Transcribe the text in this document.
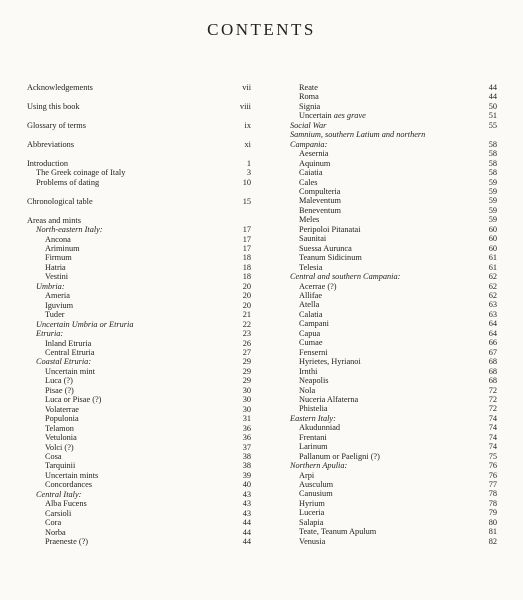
CONTENTS
Acknowledgements	vii
Using this book	viii
Glossary of terms	ix
Abbreviations	xi
Introduction	1
The Greek coinage of Italy	3
Problems of dating	10
Chronological table	15
Areas and mints
North-eastern Italy:	17
Ancona	17
Ariminum	17
Firmum	18
Hatria	18
Vestini	18
Umbria:	20
Ameria	20
Iguvium	20
Tuder	21
Uncertain Umbria or Etruria	22
Etruria:	23
Inland Etruria	26
Central Etruria	27
Coastal Etruria:	29
Uncertain mint	29
Luca (?)	29
Pisae (?)	30
Luca or Pisae (?)	30
Volaterrae	30
Populonia	31
Telamon	36
Vetulonia	36
Volci (?)	37
Cosa	38
Tarquinii	38
Uncertain mints	39
Concordances	40
Central Italy:	43
Alba Fucens	43
Carsioli	43
Cora	44
Norba	44
Praeneste (?)	44
Reate	44
Roma	44
Signia	50
Uncertain aes grave	51
Social War	55
Samnium, southern Latium and northern
Campania:	58
Aesernia	58
Aquinum	58
Caiatia	58
Cales	59
Compulteria	59
Maleventum	59
Beneventum	59
Meles	59
Peripoloi Pitanatai	60
Saunitai	60
Suessa Aurunca	60
Teanum Sidicinum	61
Telesia	61
Central and southern Campania:	62
Acerrae (?)	62
Allifae	62
Atella	63
Calatia	63
Campani	64
Capua	64
Cumae	66
Fenserni	67
Hyrietes, Hyrianoi	68
Irnthi	68
Neapolis	68
Nola	72
Nuceria Alfaterna	72
Phistelia	72
Eastern Italy:	74
Akudunniad	74
Frentani	74
Larinum	74
Pallanum or Paeligni (?)	75
Northern Apulia:	76
Arpi	76
Ausculum	77
Canusium	78
Hyrium	78
Luceria	79
Salapia	80
Teate, Teanum Apulum	81
Venusia	82
